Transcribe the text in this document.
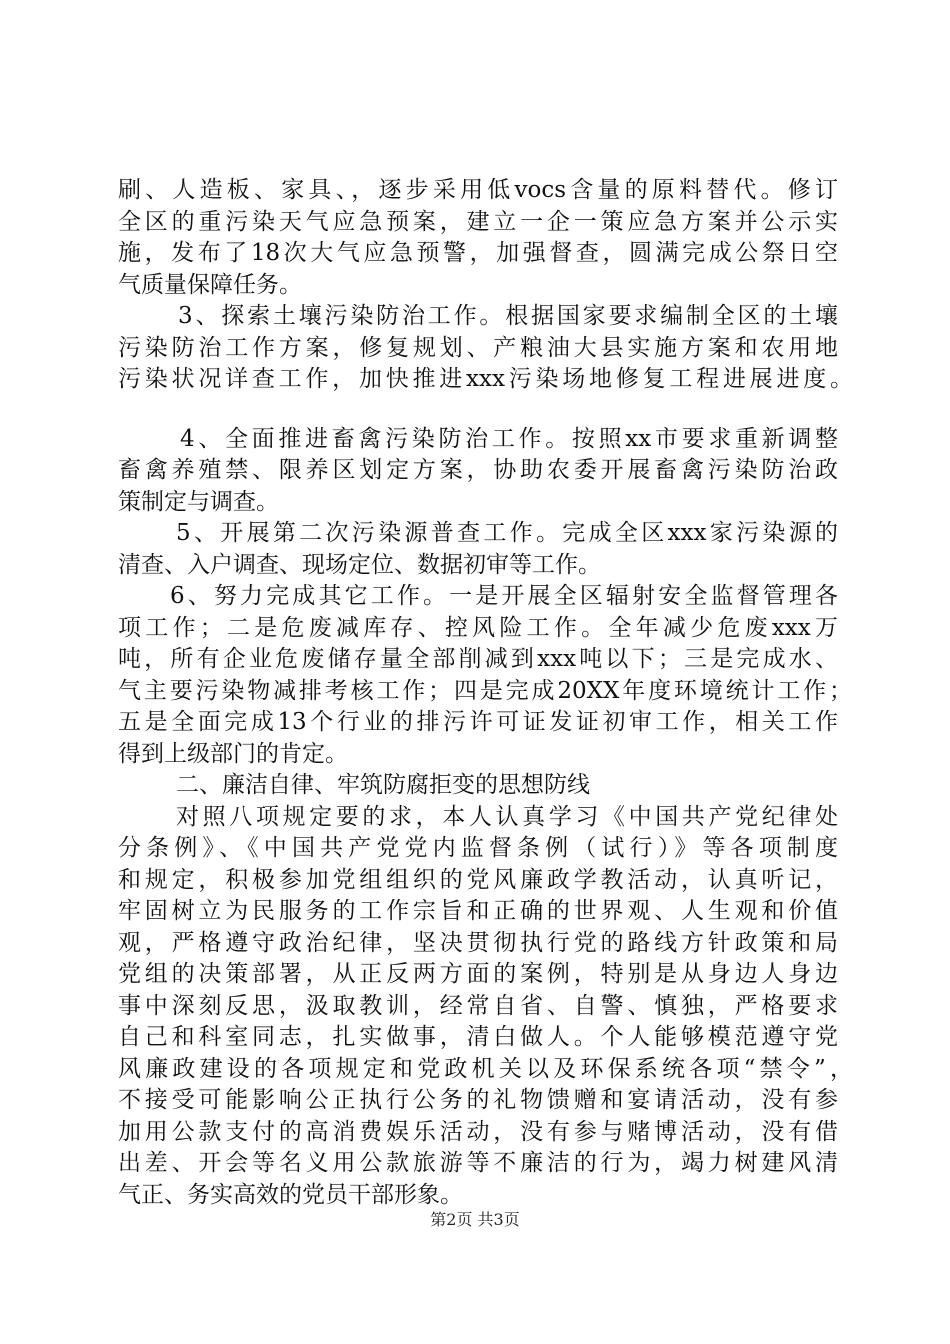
刷、人造板、家具、，逐步采用低vocs含量的原料替代。修订
全区的重污染天气应急预案，建立一企一策应急方案并公示实
施，发布了18次大气应急预警，加强督查，圆满完成公祭日空
气质量保障任务。
3、探索土壤污染防治工作。根据国家要求编制全区的土壤
污染防治工作方案，修复规划、产粮油大县实施方案和农用地
污染状况详查工作，加快推进xxx污染场地修复工程进展进度。
4、全面推进畜禽污染防治工作。按照xx市要求重新调整
畜禽养殖禁、限养区划定方案，协助农委开展畜禽污染防治政
策制定与调查。
5、开展第二次污染源普查工作。完成全区xxx家污染源的
清查、入户调查、现场定位、数据初审等工作。
6、努力完成其它工作。一是开展全区辐射安全监督管理各
项工作；二是危废减库存、控风险工作。全年减少危废xxx万
吨，所有企业危废储存量全部削减到xxx吨以下；三是完成水、
气主要污染物减排考核工作；四是完成20XX年度环境统计工作；
五是全面完成13个行业的排污许可证发证初审工作，相关工作
得到上级部门的肯定。
二、廉洁自律、牢筑防腐拒变的思想防线
对照八项规定要的求，本人认真学习《中国共产党纪律处
分条例》、《中国共产党党内监督条例（试行）》等各项制度
和规定，积极参加党组组织的党风廉政学教活动，认真听记，
牢固树立为民服务的工作宗旨和正确的世界观、人生观和价值
观，严格遵守政治纪律，坚决贯彻执行党的路线方针政策和局
党组的决策部署，从正反两方面的案例，特别是从身边人身边
事中深刻反思，汲取教训，经常自省、自警、慎独，严格要求
自己和科室同志，扎实做事，清白做人。个人能够模范遵守党
风廉政建设的各项规定和党政机关以及环保系统各项“禁令”，
不接受可能影响公正执行公务的礼物馈赠和宴请活动，没有参
加用公款支付的高消费娱乐活动，没有参与赌博活动，没有借
出差、开会等名义用公款旅游等不廉洁的行为，竭力树建风清
气正、务实高效的党员干部形象。
第2页 共3页
